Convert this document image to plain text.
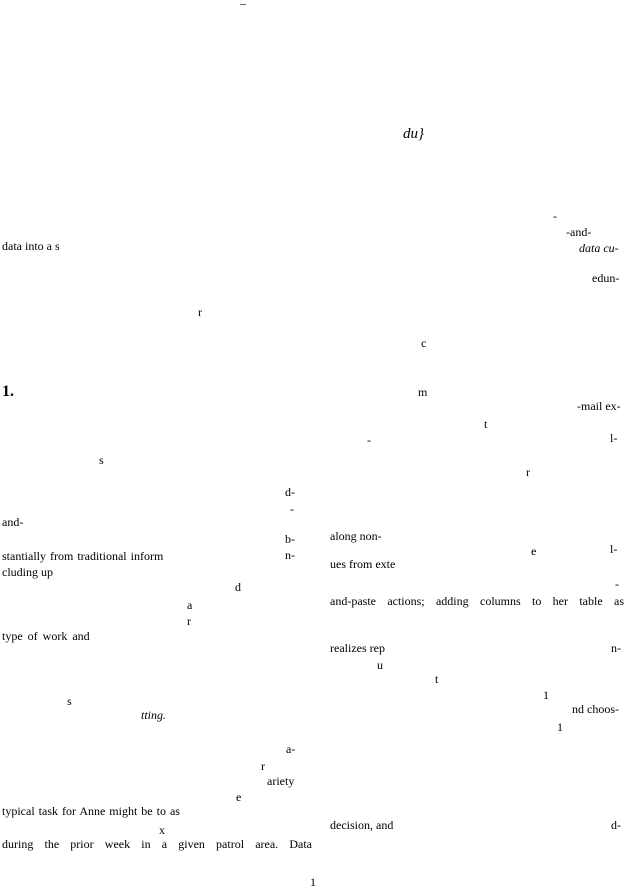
–
du}
-
-and-
data cu-
edun-
data into a s
r
c
1.	m
-mail ex-
t
-	l-
s
r
d-
-
and-
b-	along non-
n-
stantially from traditional inform	e	l-
cluding up
ues from exte
d	-
a	and-paste actions; adding columns to her table as
r
type of work and
realizes rep	n-
u
t
1
s
tting.	nd choos-
1
a-
r
ariety
e
typical task for Anne might be to as
x	decision, and	d-
during the prior week in a given patrol area. Data
1
